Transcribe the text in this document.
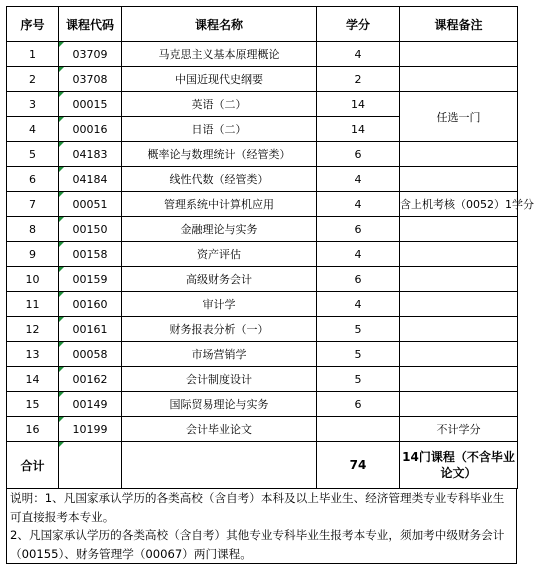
序号	课程代码	课程名称	学分	课程备注
1	03709	马克思主义基本原理概论	4	
2	03708	中国近现代史纲要	2	
3	00015	英语（二）	14	任选一门
4	00016	日语（二）	14	
5	04183	概率论与数理统计（经管类）	6	
6	04184	线性代数（经管类）	4	
7	00051	管理系统中计算机应用	4	含上机考核（0052）1学分
8	00150	金融理论与实务	6	
9	00158	资产评估	4	
10	00159	高级财务会计	6	
11	00160	审计学	4	
12	00161	财务报表分析（一）	5	
13	00058	市场营销学	5	
14	00162	会计制度设计	5	
15	00149	国际贸易理论与实务	6	
16	10199	会计毕业论文		不计学分
合计			74	14门课程（不含毕业论文）

说明：1、凡国家承认学历的各类高校（含自考）本科及以上毕业生、经济管理类专业专科毕业生可直接报考本专业。

2、凡国家承认学历的各类高校（含自考）其他专业专科毕业生报考本专业，须加考中级财务会计（00155）、财务管理学（00067）两门课程。
